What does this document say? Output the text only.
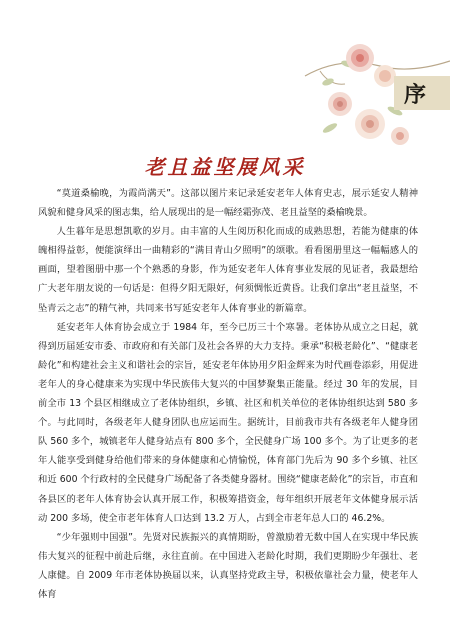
序
老且益坚展风采

“莫道桑榆晚，为霞尚满天”。这部以图片来记录延安老年人体育史志，展示延安人精神风貌和健身风采的图志集，给人展现出的是一幅经霜弥茂、老且益坚的桑榆晚景。

人生暮年是思想凯歌的岁月。由丰富的人生阅历积化而成的成熟思想，若能为健康的体魄相得益彰，便能演绎出一曲精彩的“满目青山夕照明”的颂歌。看看图册里这一幅幅感人的画面，望着图册中那一个个熟悉的身影，作为延安老年人体育事业发展的见证者，我最想给广大老年朋友说的一句话是：但得夕阳无限好，何须惆怅近黄昏。让我们拿出“老且益坚，不坠青云之志”的精气神，共同来书写延安老年人体育事业的新篇章。

延安老年人体育协会成立于 1984 年，至今已历三十个寒暑。老体协从成立之日起，就得到历届延安市委、市政府和有关部门及社会各界的大力支持。秉承“积极老龄化”、“健康老龄化”和构建社会主义和谐社会的宗旨，延安老年体协用夕阳金辉来为时代画卷添彩，用促进老年人的身心健康来为实现中华民族伟大复兴的中国梦聚集正能量。经过 30 年的发展，目前全市 13 个县区相继成立了老体协组织，乡镇、社区和机关单位的老体协组织达到 580 多个。与此同时，各级老年人健身团队也应运而生。据统计，目前我市共有各级老年人健身团队 560 多个，城镇老年人健身站点有 800 多个，全民健身广场 100 多个。为了让更多的老年人能享受到健身给他们带来的身体健康和心情愉悦，体育部门先后为 90 多个乡镇、社区和近 600 个行政村的全民健身广场配备了各类健身器材。围绕“健康老龄化”的宗旨，市直和各县区的老年人体育协会认真开展工作，积极筹措资金，每年组织开展老年文体健身展示活动 200 多场，使全市老年体育人口达到 13.2 万人，占到全市老年总人口的 46.2%。

“少年强则中国强”。先贤对民族振兴的真情期盼，曾激励着无数中国人在实现中华民族伟大复兴的征程中前赴后继，永往直前。在中国进入老龄化时期，我们更期盼少年强壮、老人康健。自 2009 年市老体协换届以来，认真坚持党政主导，积极依靠社会力量，使老年人体育
